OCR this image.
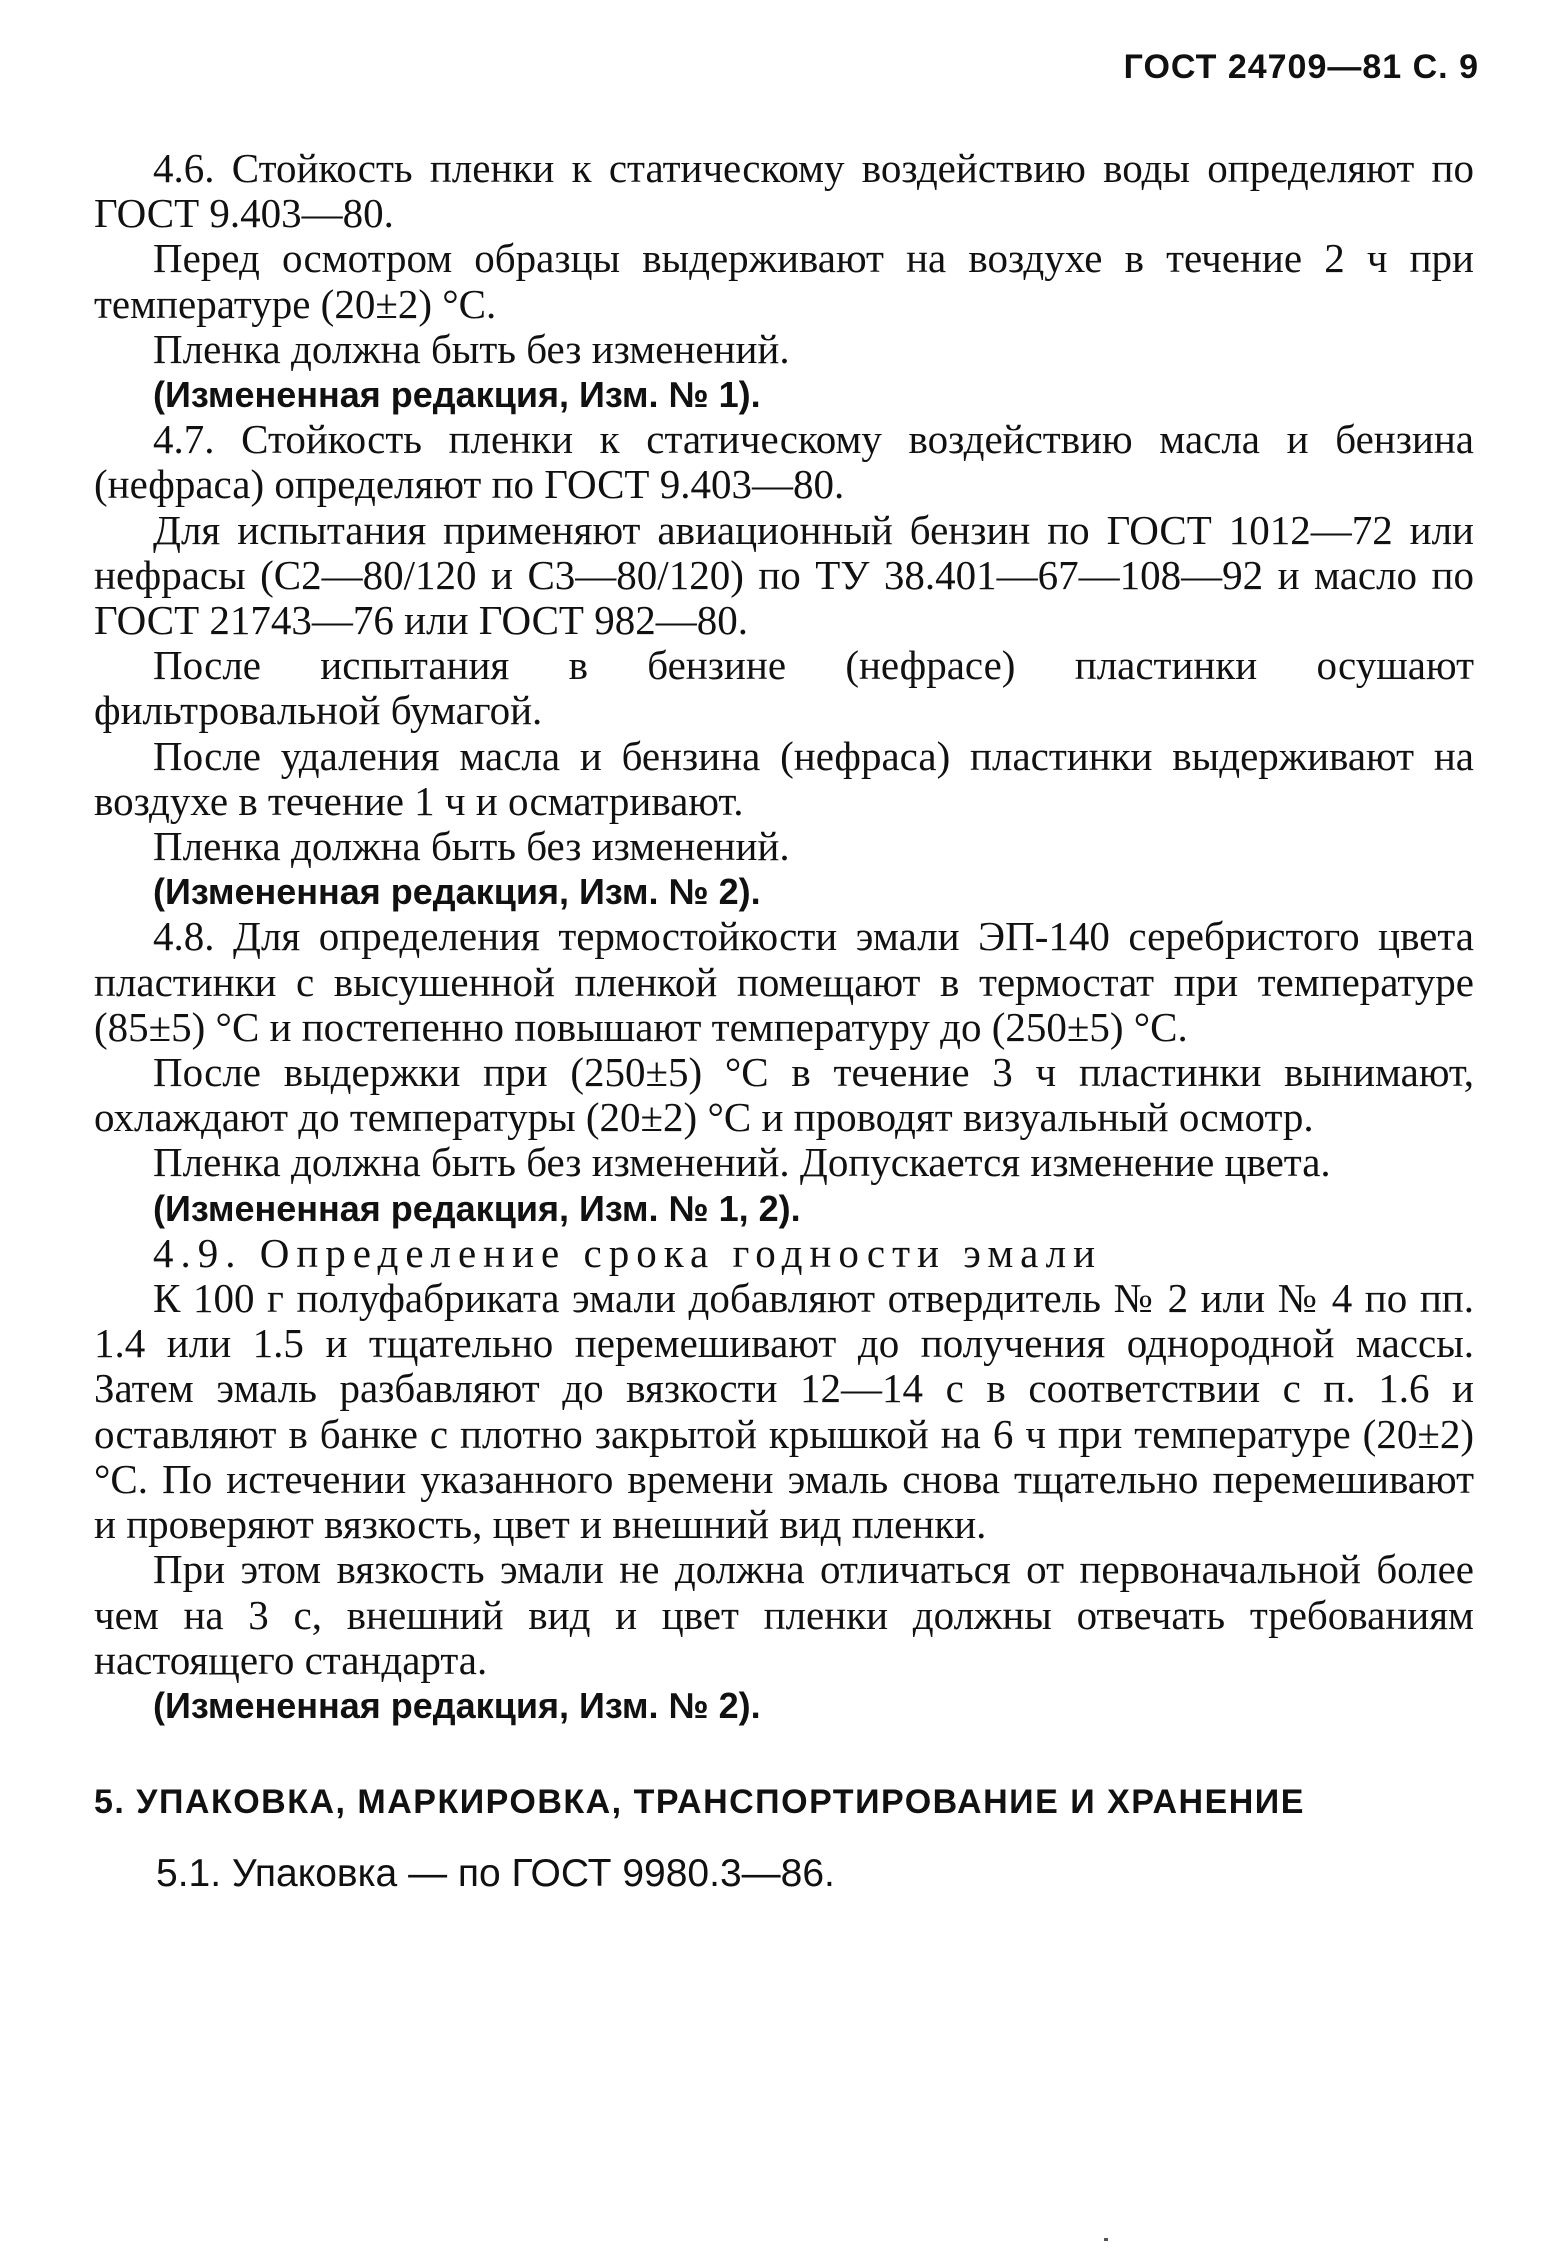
ГОСТ 24709—81 С. 9

4.6. Стойкость пленки к статическому воздействию воды определяют по ГОСТ 9.403—80.

Перед осмотром образцы выдерживают на воздухе в течение 2 ч при температуре (20±2) °С.

Пленка должна быть без изменений.

(Измененная редакция, Изм. № 1).

4.7. Стойкость пленки к статическому воздействию масла и бензина (нефраса) определяют по ГОСТ 9.403—80.

Для испытания применяют авиационный бензин по ГОСТ 1012—72 или нефрасы (С2—80/120 и С3—80/120) по ТУ 38.401—67—108—92 и масло по ГОСТ 21743—76 или ГОСТ 982—80.

После испытания в бензине (нефрасе) пластинки осушают фильтровальной бумагой.

После удаления масла и бензина (нефраса) пластинки выдерживают на воздухе в течение 1 ч и осматривают.

Пленка должна быть без изменений.

(Измененная редакция, Изм. № 2).

4.8. Для определения термостойкости эмали ЭП-140 серебристого цвета пластинки с высушенной пленкой помещают в термостат при температуре (85±5) °С и постепенно повышают температуру до (250±5) °С.

После выдержки при (250±5) °С в течение 3 ч пластинки вынимают, охлаждают до температуры (20±2) °С и проводят визуальный осмотр.

Пленка должна быть без изменений. Допускается изменение цвета.

(Измененная редакция, Изм. № 1, 2).

4.9. Определение срока годности эмали

К 100 г полуфабриката эмали добавляют отвердитель № 2 или № 4 по пп. 1.4 или 1.5 и тщательно перемешивают до получения однородной массы. Затем эмаль разбавляют до вязкости 12—14 с в соответствии с п. 1.6 и оставляют в банке с плотно закрытой крышкой на 6 ч при температуре (20±2) °С. По истечении указанного времени эмаль снова тщательно перемешивают и проверяют вязкость, цвет и внешний вид пленки.

При этом вязкость эмали не должна отличаться от первоначальной более чем на 3 с, внешний вид и цвет пленки должны отвечать требованиям настоящего стандарта.

(Измененная редакция, Изм. № 2).

5. УПАКОВКА, МАРКИРОВКА, ТРАНСПОРТИРОВАНИЕ И ХРАНЕНИЕ

5.1. Упаковка — по ГОСТ 9980.3—86.
